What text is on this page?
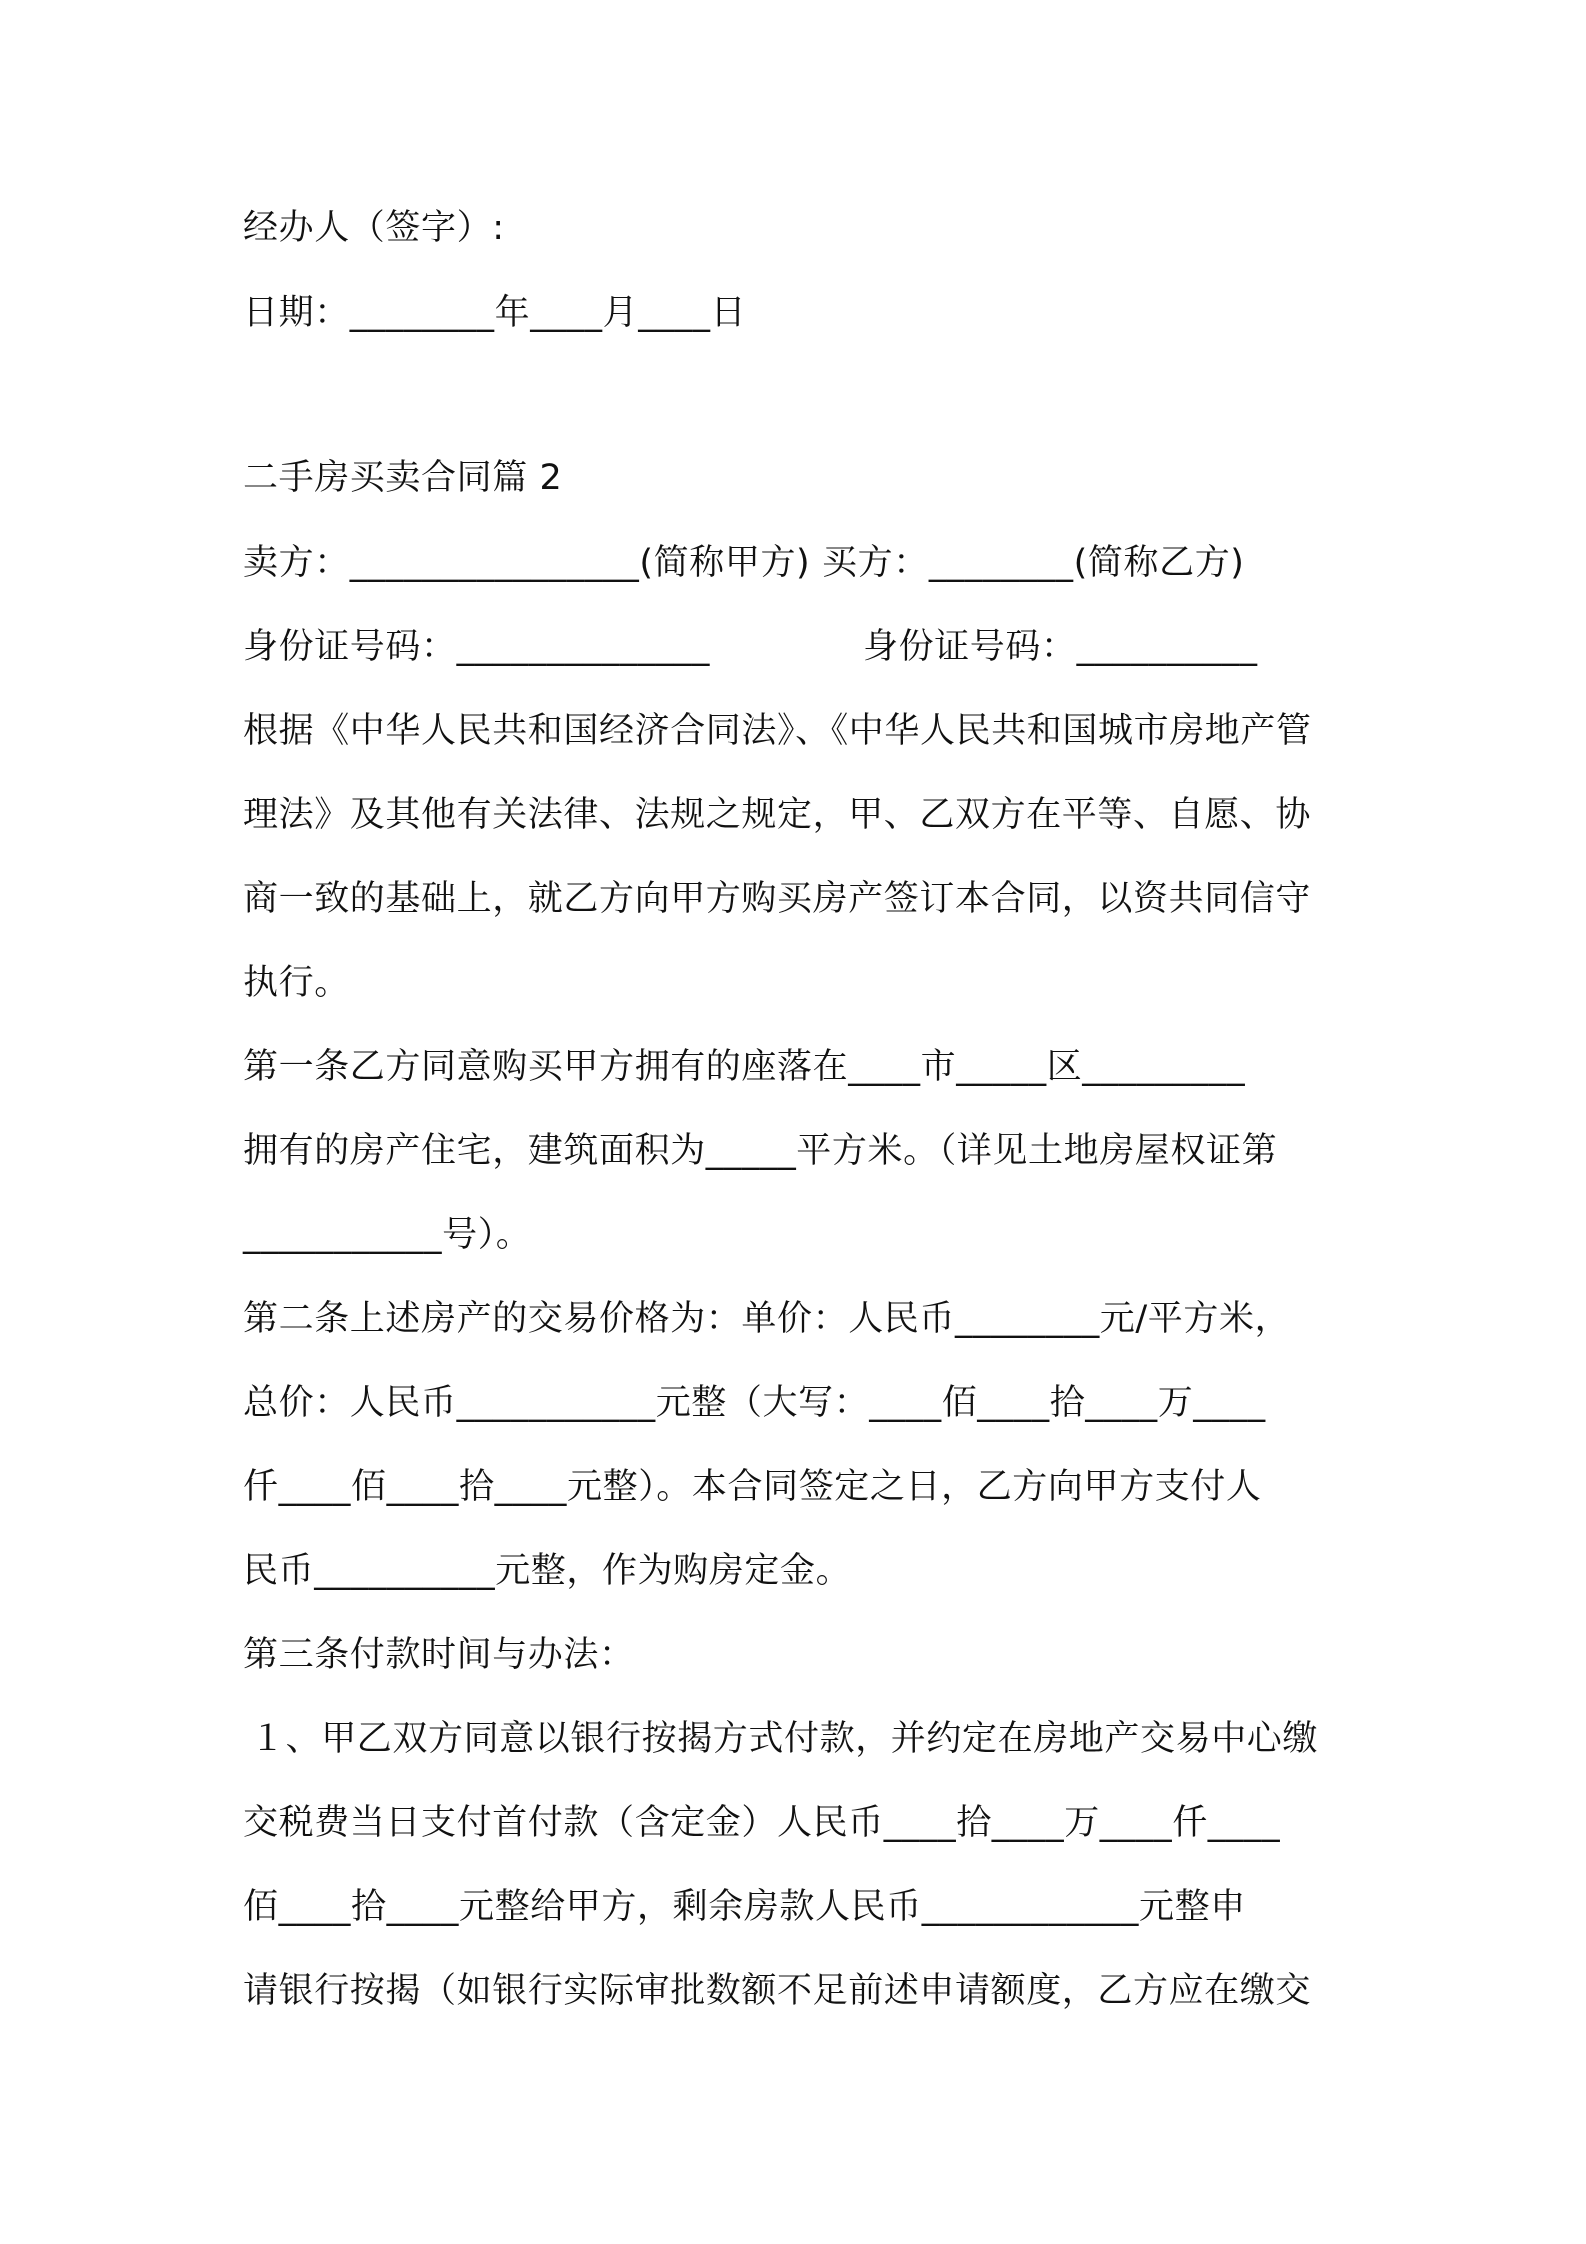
经办人（签字）:
日期：________年____月____日
二手房买卖合同篇 2
卖方：________________(简称甲方) 买方：________(简称乙方)
身份证号码：______________	身份证号码：__________
根据《中华人民共和国经济合同法》、《中华人民共和国城市房地产管
理法》及其他有关法律、法规之规定，甲、乙双方在平等、自愿、协
商一致的基础上，就乙方向甲方购买房产签订本合同，以资共同信守
执行。
第一条乙方同意购买甲方拥有的座落在____市_____区_________
拥有的房产住宅，建筑面积为_____平方米。（详见土地房屋权证第
___________号）。
第二条上述房产的交易价格为：单价：人民币________元/平方米，
总价：人民币___________元整（大写：____佰____拾____万____
仟____佰____拾____元整）。本合同签定之日，乙方向甲方支付人
民币__________元整，作为购房定金。
第三条付款时间与办法：
１、甲乙双方同意以银行按揭方式付款，并约定在房地产交易中心缴
交税费当日支付首付款（含定金）人民币____拾____万____仟____
佰____拾____元整给甲方，剩余房款人民币____________元整申
请银行按揭（如银行实际审批数额不足前述申请额度，乙方应在缴交
